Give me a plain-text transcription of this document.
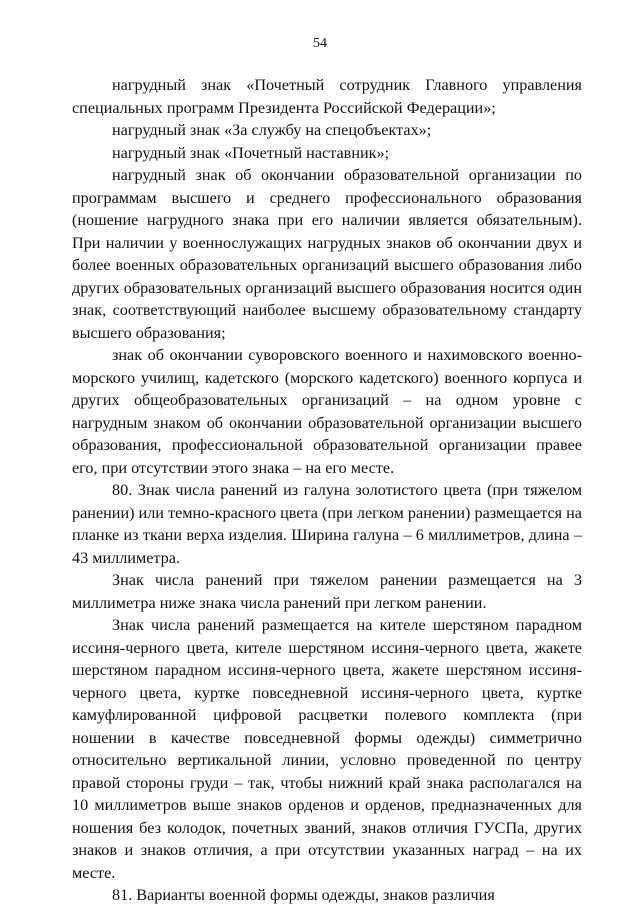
54

нагрудный знак «Почетный сотрудник Главного управления специальных программ Президента Российской Федерации»;

нагрудный знак «За службу на спецобъектах»;

нагрудный знак «Почетный наставник»;

нагрудный знак об окончании образовательной организации по программам высшего и среднего профессионального образования (ношение нагрудного знака при его наличии является обязательным). При наличии у военнослужащих нагрудных знаков об окончании двух и более военных образовательных организаций высшего образования либо других образовательных организаций высшего образования носится один знак, соответствующий наиболее высшему образовательному стандарту высшего образования;

знак об окончании суворовского военного и нахимовского военно-морского училищ, кадетского (морского кадетского) военного корпуса и других общеобразовательных организаций – на одном уровне с нагрудным знаком об окончании образовательной организации высшего образования, профессиональной образовательной организации правее его, при отсутствии этого знака – на его месте.

80. Знак числа ранений из галуна золотистого цвета (при тяжелом ранении) или темно-красного цвета (при легком ранении) размещается на планке из ткани верха изделия. Ширина галуна – 6 миллиметров, длина – 43 миллиметра.

Знак числа ранений при тяжелом ранении размещается на 3 миллиметра ниже знака числа ранений при легком ранении.

Знак числа ранений размещается на кителе шерстяном парадном иссиня-черного цвета, кителе шерстяном иссиня-черного цвета, жакете шерстяном парадном иссиня-черного цвета, жакете шерстяном иссиня-черного цвета, куртке повседневной иссиня-черного цвета, куртке камуфлированной цифровой расцветки полевого комплекта (при ношении в качестве повседневной формы одежды) симметрично относительно вертикальной линии, условно проведенной по центру правой стороны груди – так, чтобы нижний край знака располагался на 10 миллиметров выше знаков орденов и орденов, предназначенных для ношения без колодок, почетных званий, знаков отличия ГУСПа, других знаков и знаков отличия, а при отсутствии указанных наград – на их месте.

81. Варианты военной формы одежды, знаков различия
